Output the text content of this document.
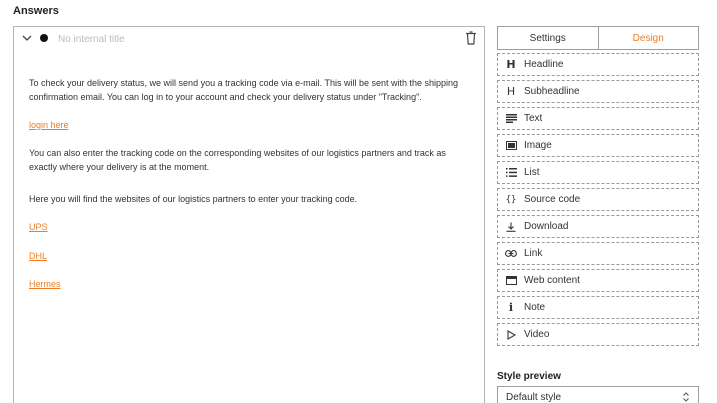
Answers
No internal title
To check your delivery status, we will send you a tracking code via e-mail. This will be sent with the shipping confirmation email. You can log in to your account and check your delivery status under "Tracking".
login here
You can also enter the tracking code on the corresponding websites of our logistics partners and track as exactly where your delivery is at the moment.
Here you will find the websites of our logistics partners to enter your tracking code.
UPS
DHL
Hermes
Settings	Design
H Headline
H Subheadline
Text
Image
List
{} Source code
Download
Link
Web content
i Note
Video
Style preview
Default style
